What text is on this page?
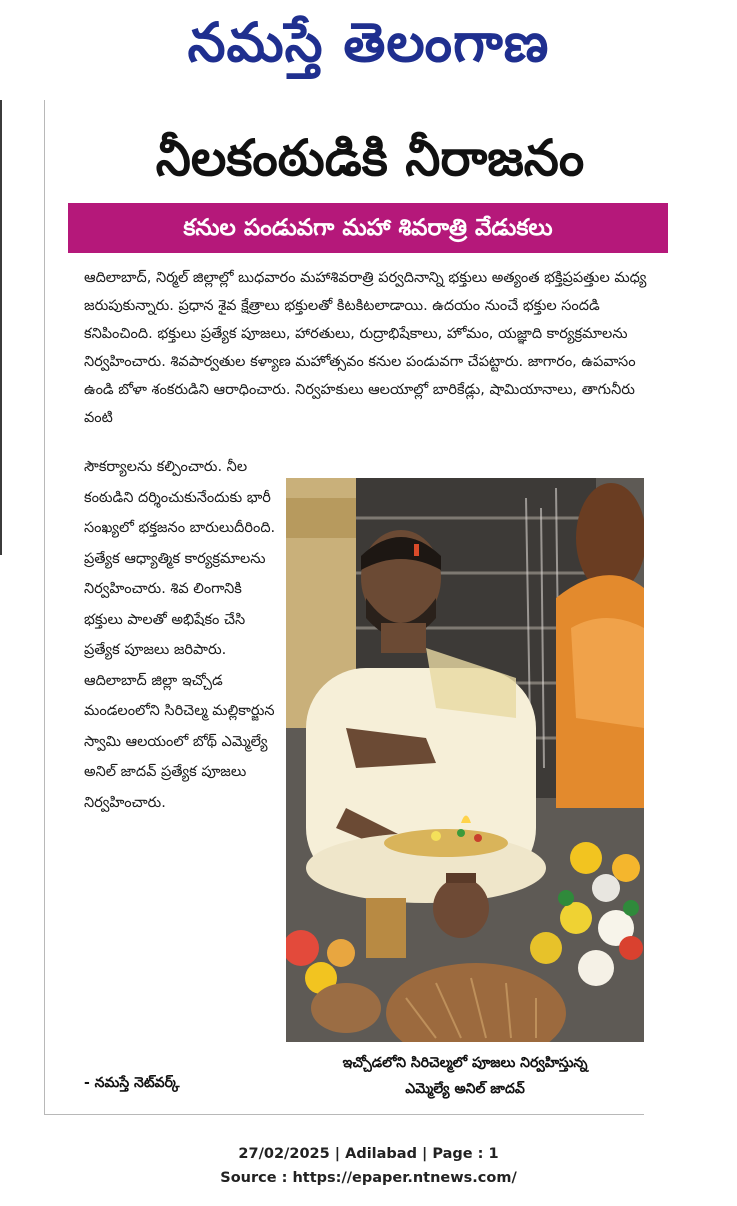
నమస్తే తెలంగాణ
నీలకంఠుడికి నీరాజనం
కనుల పండువగా మహా శివరాత్రి వేడుకలు

ఆదిలాబాద్, నిర్మల్ జిల్లాల్లో బుధవారం మహాశివరాత్రి పర్వదినాన్ని భక్తులు అత్యంత భక్తిప్రపత్తుల మధ్య జరుపుకున్నారు. ప్రధాన శైవ క్షేత్రాలు భక్తులతో కిటకిటలాడాయి. ఉదయం నుంచే భక్తుల సందడి కనిపించింది. భక్తులు ప్రత్యేక పూజలు, హారతులు, రుద్రాభిషేకాలు, హోమం, యజ్ఞాది కార్యక్రమాలను నిర్వహించారు. శివపార్వతుల కళ్యాణ మహోత్సవం కనుల పండువగా చేపట్టారు. జాగారం, ఉపవాసం ఉండి బోళా శంకరుడిని ఆరాధించారు. నిర్వహకులు ఆలయాల్లో బారికేడ్లు, షామియానాలు, తాగునీరు వంటి

సౌకర్యాలను కల్పించారు. నీల కంఠుడిని దర్శించుకునేందుకు భారీ సంఖ్యలో భక్తజనం బారులుదీరింది. ప్రత్యేక ఆధ్యాత్మిక కార్యక్రమాలను నిర్వహించారు. శివ లింగానికి భక్తులు పాలతో అభిషేకం చేసి ప్రత్యేక పూజలు జరిపారు. ఆదిలాబాద్ జిల్లా ఇచ్చోడ మండలంలోని సిరిచెల్మ మల్లికార్జున స్వామి ఆలయంలో బోథ్ ఎమ్మెల్యే అనిల్ జాదవ్ ప్రత్యేక పూజలు నిర్వహించారు.

ఇచ్చోడలోని సిరిచెల్మలో పూజలు నిర్వహిస్తున్న
ఎమ్మెల్యే అనిల్ జాదవ్
- నమస్తే నెట్‌వర్క్
27/02/2025 | Adilabad | Page : 1
Source : https://epaper.ntnews.com/
